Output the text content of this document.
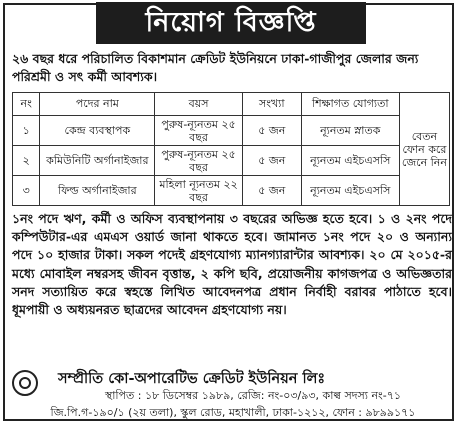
নিয়োগ বিজ্ঞপ্তি
২৬ বছর ধরে পরিচালিত বিকাশমান ক্রেডিট ইউনিয়নে ঢাকা-গাজীপুর জেলার জন্য পরিশ্রমী ও সৎ কর্মী আবশ্যক।
নং	পদের নাম	বয়স	সংখ্যা	শিক্ষাগত যোগ্যতা	বেতন ফোন করে জেনে নিন
১	কেন্দ্র ব্যবস্থাপক	পুরুষ-ন্যূনতম ২৫ বছর	৫ জন	ন্যূনতম স্নাতক	
২	কমিউনিটি অর্গানাইজার	পুরুষ-ন্যূনতম ২৫ বছর	৫ জন	ন্যূনতম এইচএসসি	
৩	ফিল্ড অর্গানাইজার	মহিলা ন্যূনতম ২২ বছর	৫ জন	ন্যূনতম এইচএসসি	
১নং পদে ঋণ, কর্মী ও অফিস ব্যবস্থাপনায় ৩ বছরের অভিজ্ঞ হতে হবে। ১ ও ২নং পদে কম্পিউটার-এর এমএস ওয়ার্ড জানা থাকতে হবে। জামানত ১নং পদে ২০ ও অন্যান্য পদে ১০ হাজার টাকা। সকল পদেই গ্রহণযোগ্য ম্যানগ্যারান্টার আবশ্যক। ২০ মে ২০১৫-র মধ্যে মোবাইল নম্বরসহ জীবন বৃত্তান্ত, ২ কপি ছবি, প্রয়োজনীয় কাগজপত্র ও অভিজ্ঞতার সনদ সত্যায়িত করে স্বহস্তে লিখিত আবেদনপত্র প্রধান নির্বাহী বরাবর পাঠাতে হবে। ধূমপায়ী ও অধ্যয়নরত ছাত্রদের আবেদন গ্রহণযোগ্য নয়।
সম্প্রীতি কো-অপারেটিভ ক্রেডিট ইউনিয়ন লিঃ
স্থাপিত : ১৮ ডিসেম্বর ১৯৮৯, রেজি: নং-০৩/৯৩, কাল্ব সদস্য নং-৭১
জি.পি.গ-১৯০/১ (২য় তলা), স্কুল রোড, মহাখালী, ঢাকা-১২১২, ফোন : ৯৮৯৯১৭১
